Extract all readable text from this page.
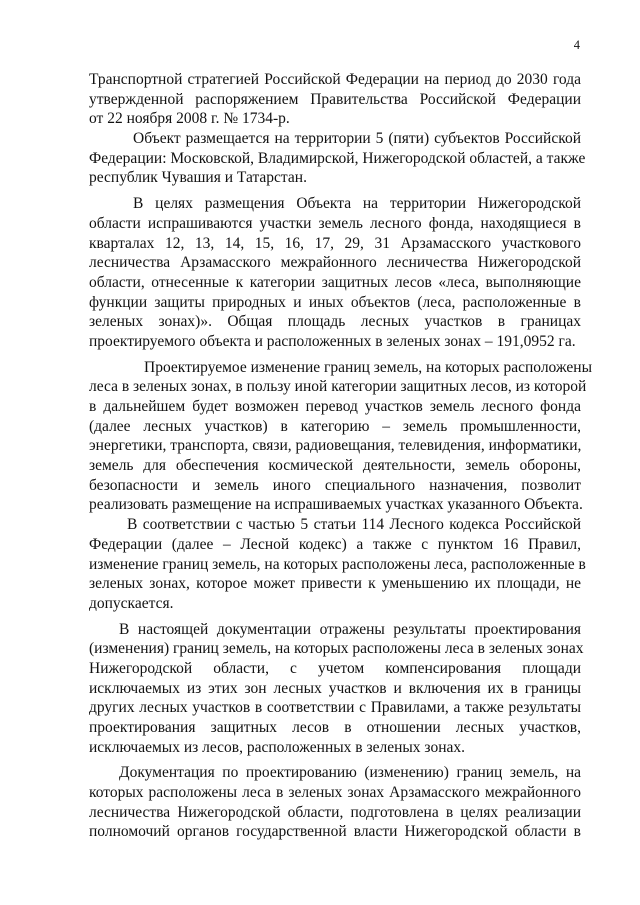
4
Транспортной стратегией Российской Федерации на период до 2030 года
утвержденной распоряжением Правительства Российской Федерации
от 22 ноября 2008 г. № 1734-р.
Объект размещается на территории 5 (пяти) субъектов Российской
Федерации: Московской, Владимирской, Нижегородской областей, а также
республик Чувашия и Татарстан.
В целях размещения Объекта на территории Нижегородской
области испрашиваются участки земель лесного фонда, находящиеся в
кварталах 12, 13, 14, 15, 16, 17, 29, 31 Арзамасского участкового
лесничества Арзамасского межрайонного лесничества Нижегородской
области, отнесенные к категории защитных лесов «леса, выполняющие
функции защиты природных и иных объектов (леса, расположенные в
зеленых зонах)». Общая площадь лесных участков в границах
проектируемого объекта и расположенных в зеленых зонах – 191,0952 га.
Проектируемое изменение границ земель, на которых расположены
леса в зеленых зонах, в пользу иной категории защитных лесов, из которой
в дальнейшем будет возможен перевод участков земель лесного фонда
(далее лесных участков) в категорию – земель промышленности,
энергетики, транспорта, связи, радиовещания, телевидения, информатики,
земель для обеспечения космической деятельности, земель обороны,
безопасности и земель иного специального назначения, позволит
реализовать размещение на испрашиваемых участках указанного Объекта.
В соответствии с частью 5 статьи 114 Лесного кодекса Российской
Федерации (далее – Лесной кодекс) а также с пунктом 16 Правил,
изменение границ земель, на которых расположены леса, расположенные в
зеленых зонах, которое может привести к уменьшению их площади, не
допускается.
В настоящей документации отражены результаты проектирования
(изменения) границ земель, на которых расположены леса в зеленых зонах
Нижегородской области, с учетом компенсирования площади
исключаемых из этих зон лесных участков и включения их в границы
других лесных участков в соответствии с Правилами, а также результаты
проектирования защитных лесов в отношении лесных участков,
исключаемых из лесов, расположенных в зеленых зонах.
Документация по проектированию (изменению) границ земель, на
которых расположены леса в зеленых зонах Арзамасского межрайонного
лесничества Нижегородской области, подготовлена в целях реализации
полномочий органов государственной власти Нижегородской области в
